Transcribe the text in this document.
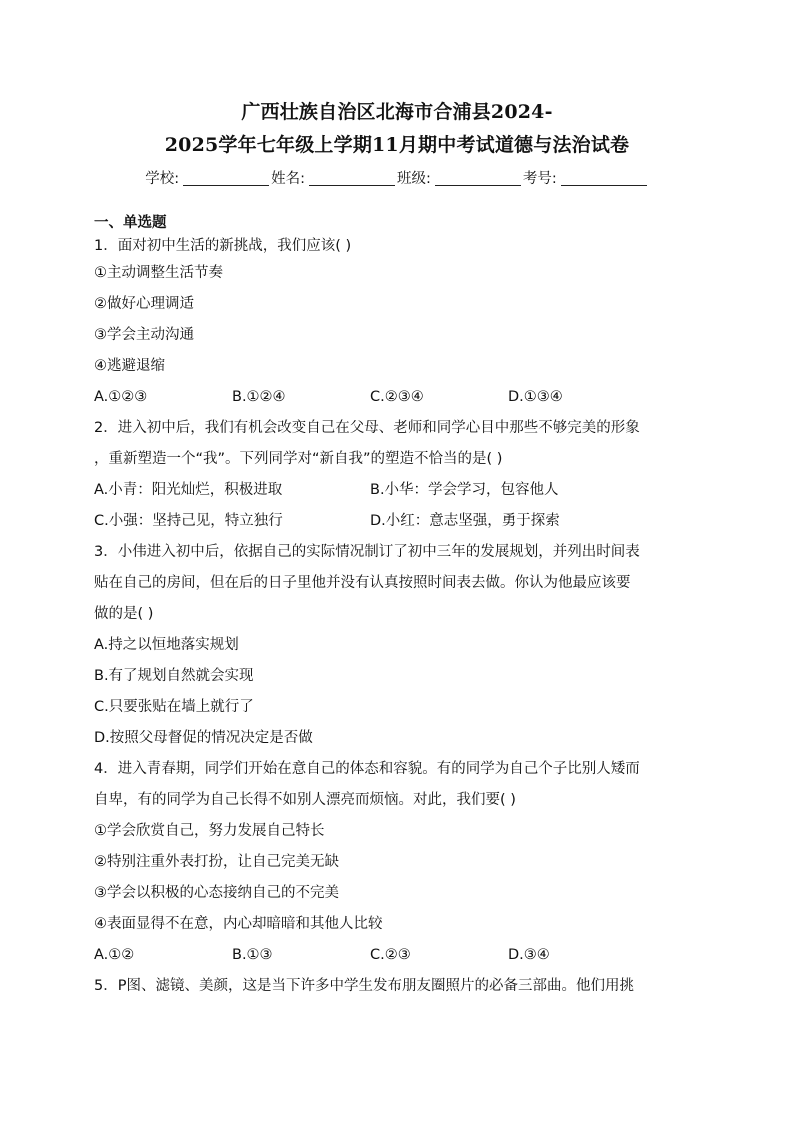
广西壮族自治区北海市合浦县2024-

2025学年七年级上学期11月期中考试道德与法治试卷

学校:	姓名:	班级:	考号:
一、单选题

1．面对初中生活的新挑战，我们应该( )

①主动调整生活节奏

②做好心理调适

③学会主动沟通

④逃避退缩

A.①②③	B.①②④	C.②③④	D.①③④

2．进入初中后，我们有机会改变自己在父母、老师和同学心目中那些不够完美的形象

，重新塑造一个“我”。下列同学对“新自我”的塑造不恰当的是( )

A.小青：阳光灿烂，积极进取	B.小华：学会学习，包容他人
C.小强：坚持己见，特立独行	D.小红：意志坚强，勇于探索

3．小伟进入初中后，依据自己的实际情况制订了初中三年的发展规划，并列出时间表

贴在自己的房间，但在后的日子里他并没有认真按照时间表去做。你认为他最应该要

做的是( )

A.持之以恒地落实规划

B.有了规划自然就会实现

C.只要张贴在墙上就行了

D.按照父母督促的情况决定是否做

4．进入青春期，同学们开始在意自己的体态和容貌。有的同学为自己个子比别人矮而

自卑，有的同学为自己长得不如别人漂亮而烦恼。对此，我们要( )

①学会欣赏自己，努力发展自己特长

②特别注重外表打扮，让自己完美无缺

③学会以积极的心态接纳自己的不完美

④表面显得不在意，内心却暗暗和其他人比较

A.①②	B.①③	C.②③	D.③④

5．P图、滤镜、美颜，这是当下许多中学生发布朋友圈照片的必备三部曲。他们用挑
